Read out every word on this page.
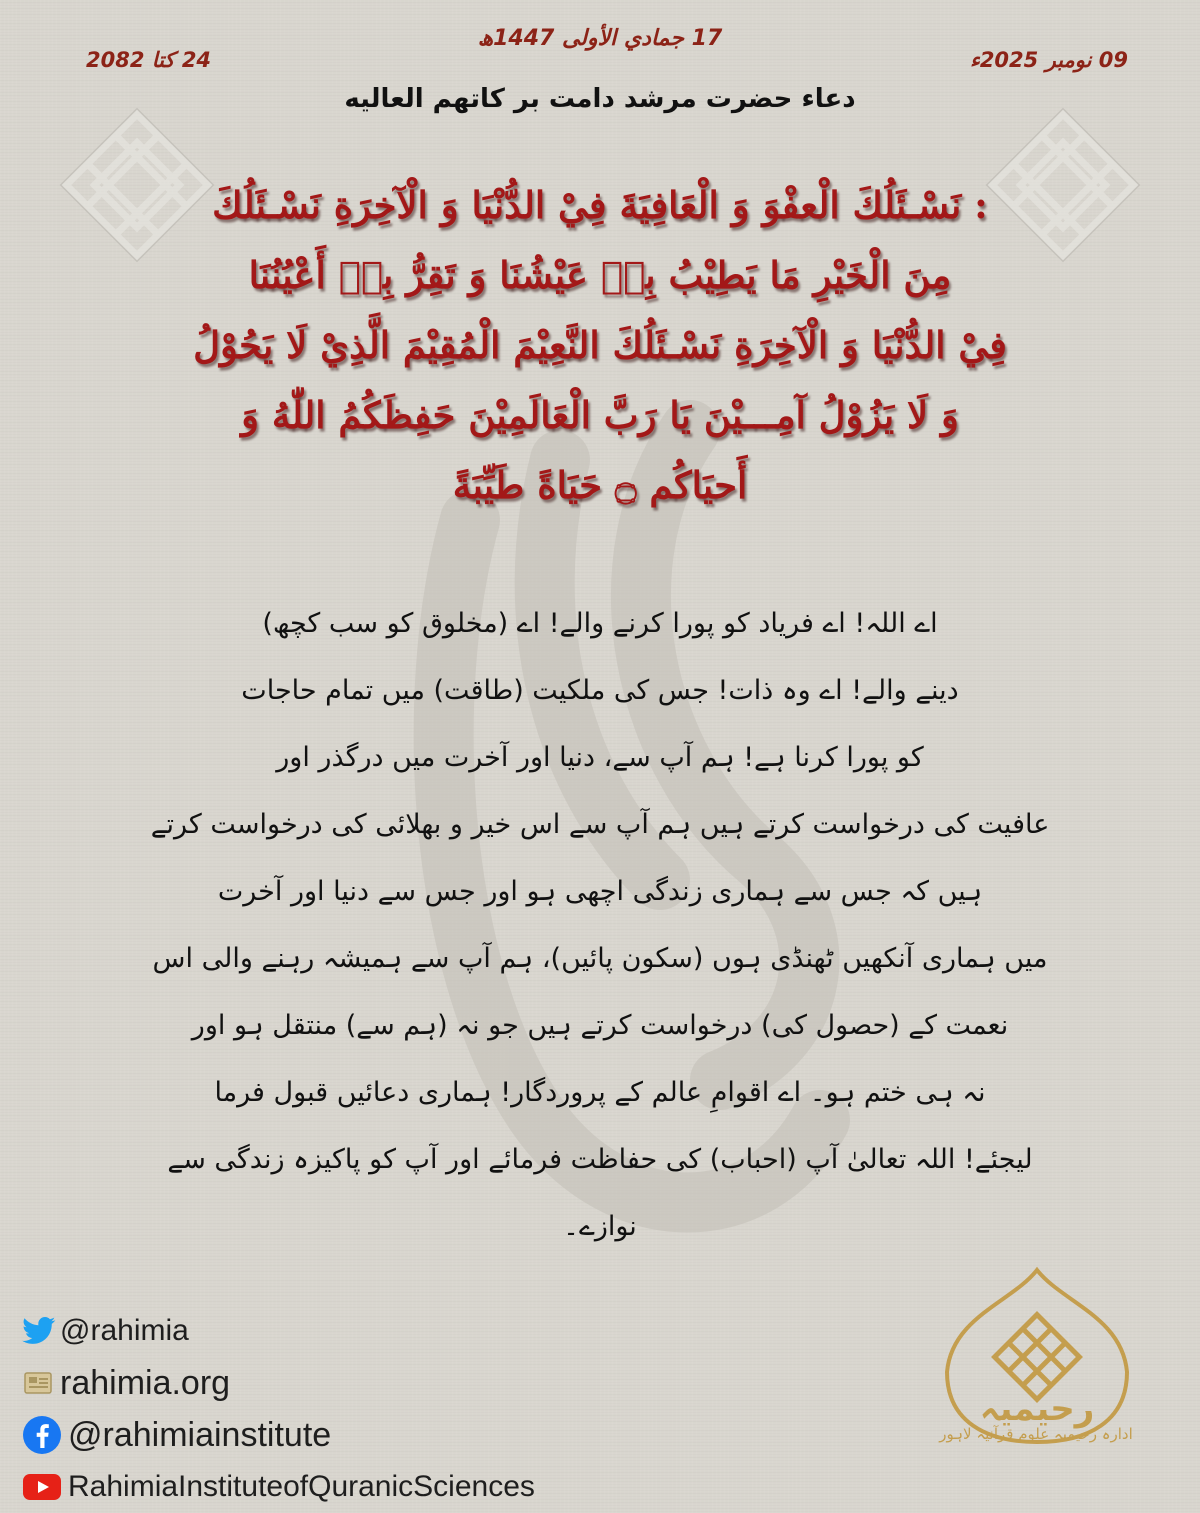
17 جمادي الأولى 1447ھ
24 کتا 2082	09 نومبر 2025ء
دعاء حضرت مرشد دامت بر کاتھم العالیه
: نَسْـئَلُكَ الْعفْوَ وَ الْعَافِيَةَ فِيْ الدُّنْيَا وَ الْآخِرَةِ نَسْـئَلُكَ
مِنَ الْخَيْرِ مَا يَطِيْبُ بِهٖ عَيْشُنَا وَ تَقِرُّ بِهٖ أَعْيُنُنَا
فِيْ الدُّنْيَا وَ الْآخِرَةِ نَسْـئَلُكَ النَّعِيْمَ الْمُقِيْمَ الَّذِيْ لَا يَحُوْلُ
وَ لَا يَزُوْلُ آمِـــيْنَ يَا رَبَّ الْعَالَمِيْنَ حَفِظَكُمُ اللّٰهُ وَ
أَحيَاكُم ۝ حَيَاةً طَيِّبَةً
اے اللہ! اے فریاد کو پورا کرنے والے! اے (مخلوق کو سب کچھ)
دینے والے! اے وہ ذات! جس کی ملکیت (طاقت) میں تمام حاجات
کو پورا کرنا ہے! ہم آپ سے، دنیا اور آخرت میں درگذر اور
عافیت کی درخواست کرتے ہیں ہم آپ سے اس خیر و بھلائی کی درخواست کرتے
ہیں کہ جس سے ہماری زندگی اچھی ہو اور جس سے دنیا اور آخرت
میں ہماری آنکھیں ٹھنڈی ہوں (سکون پائیں)، ہم آپ سے ہمیشہ رہنے والی اس
نعمت کے (حصول کی) درخواست کرتے ہیں جو نہ (ہم سے) منتقل ہو اور
نہ ہی ختم ہو۔ اے اقوامِ عالم کے پروردگار! ہماری دعائیں قبول فرما
لیجئے! اللہ تعالیٰ آپ (احباب) کی حفاظت فرمائے اور آپ کو پاکیزہ زندگی سے
نوازے۔
@rahimia
rahimia.org
@rahimiainstitute
RahimiaInstituteofQuranicSciences
رحیمیہ
ادارہ رحیمیہ علوم قرآنیہ لاہور
